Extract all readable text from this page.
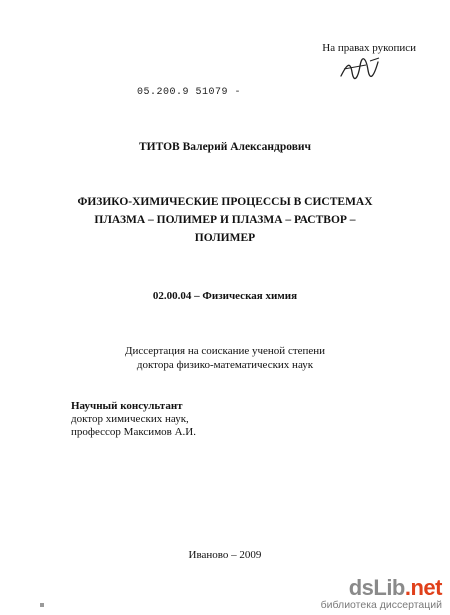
На правах рукописи
05.200.9 51079 -
ТИТОВ Валерий Александрович
ФИЗИКО-ХИМИЧЕСКИЕ ПРОЦЕССЫ В СИСТЕМАХ
ПЛАЗМА – ПОЛИМЕР И ПЛАЗМА – РАСТВОР –
ПОЛИМЕР
02.00.04 – Физическая химия
Диссертация на соискание ученой степени
доктора физико-математических наук
Научный консультант
доктор химических наук,
профессор Максимов А.И.
Иваново – 2009
dsLib.net
библиотека диссертаций
